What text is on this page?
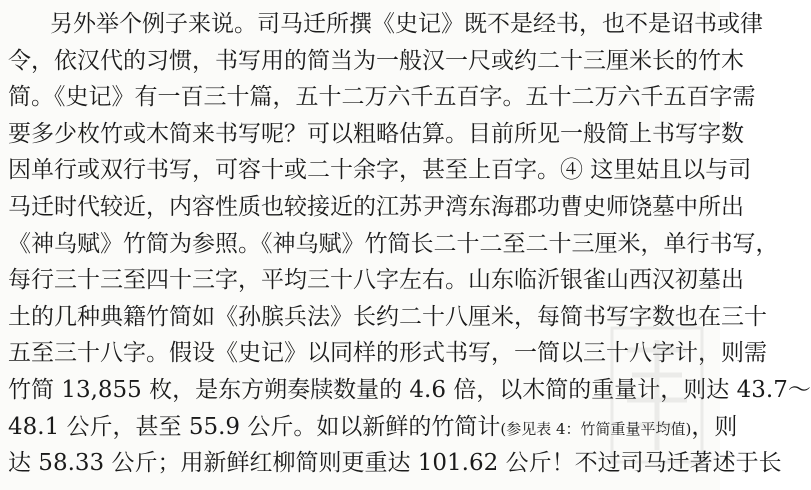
另外举个例子来说。司马迁所撰《史记》既不是经书，也不是诏书或律
令，依汉代的习惯，书写用的简当为一般汉一尺或约二十三厘米长的竹木
简。《史记》有一百三十篇，五十二万六千五百字。五十二万六千五百字需
要多少枚竹或木简来书写呢？可以粗略估算。目前所见一般简上书写字数
因单行或双行书写，可容十或二十余字，甚至上百字。④ 这里姑且以与司
马迁时代较近，内容性质也较接近的江苏尹湾东海郡功曹史师饶墓中所出
《神乌赋》竹简为参照。《神乌赋》竹简长二十二至二十三厘米，单行书写，
每行三十三至四十三字，平均三十八字左右。山东临沂银雀山西汉初墓出
土的几种典籍竹简如《孙膑兵法》长约二十八厘米，每简书写字数也在三十
五至三十八字。假设《史记》以同样的形式书写，一简以三十八字计，则需
竹简 13,855 枚，是东方朔奏牍数量的 4.6 倍，以木简的重量计，则达 43.7～
48.1 公斤，甚至 55.9 公斤。如以新鲜的竹简计(参见表 4：竹简重量平均值)，则
达 58.33 公斤；用新鲜红柳简则更重达 101.62 公斤！不过司马迁著述于长
